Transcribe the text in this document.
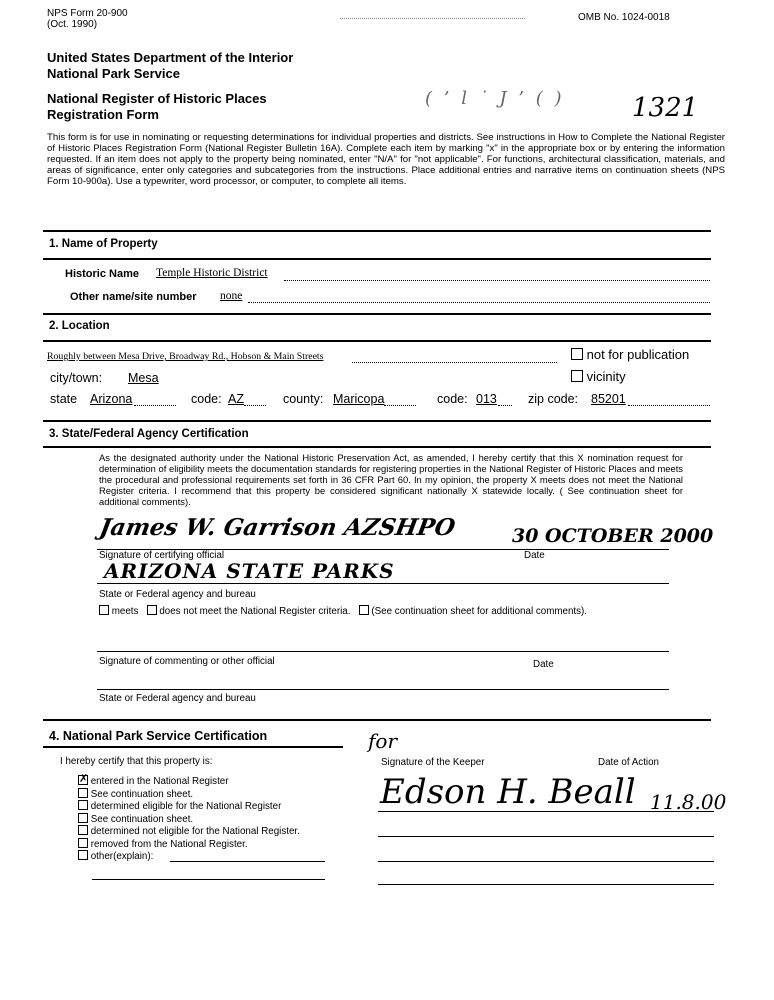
NPS Form 20-900
(Oct. 1990)
OMB No. 1024-0018
United States Department of the Interior
National Park Service
National Register of Historic Places
Registration Form
( ’ l ˙ J ’ ( )	1321
This form is for use in nominating or requesting determinations for individual properties and districts. See instructions in How to Complete the National Register of Historic Places Registration Form (National Register Bulletin 16A). Complete each item by marking "x" in the appropriate box or by entering the information requested. If an item does not apply to the property being nominated, enter "N/A" for "not applicable". For functions, architectural classification, materials, and areas of significance, enter only categories and subcategories from the instructions. Place additional entries and narrative items on continuation sheets (NPS Form 10-900a). Use a typewriter, word processor, or computer, to complete all items.
1. Name of Property
Historic Name Temple Historic District
Other name/site number none
2. Location
Roughly between Mesa Drive, Broadway Rd., Hobson & Main Streets	not for publication
city/town: Mesa	vicinity
state Arizona	code: AZ	county: Maricopa	code: 013 zip code: 85201
3. State/Federal Agency Certification
As the designated authority under the National Historic Preservation Act, as amended, I hereby certify that this X nomination request for determination of eligibility meets the documentation standards for registering properties in the National Register of Historic Places and meets the procedural and professional requirements set forth in 36 CFR Part 60. In my opinion, the property X meets does not meet the National Register criteria. I recommend that this property be considered significant nationally X statewide locally. ( See continuation sheet for additional comments).
James W. Garrison AZSHPO	30 OCTOBER 2000
Signature of certifying official	Date
ARIZONA STATE PARKS
State or Federal agency and bureau
meets does not meet the National Register criteria. (See continuation sheet for additional comments).
Signature of commenting or other official	Date
State or Federal agency and bureau
4. National Park Service Certification
I hereby certify that this property is:
✗ entered in the National Register
See continuation sheet.
determined eligible for the National Register
See continuation sheet.
determined not eligible for the National Register.
removed from the National Register.
other(explain):
for
Signature of the Keeper	Date of Action
Edson H. Beall 11.8.00
